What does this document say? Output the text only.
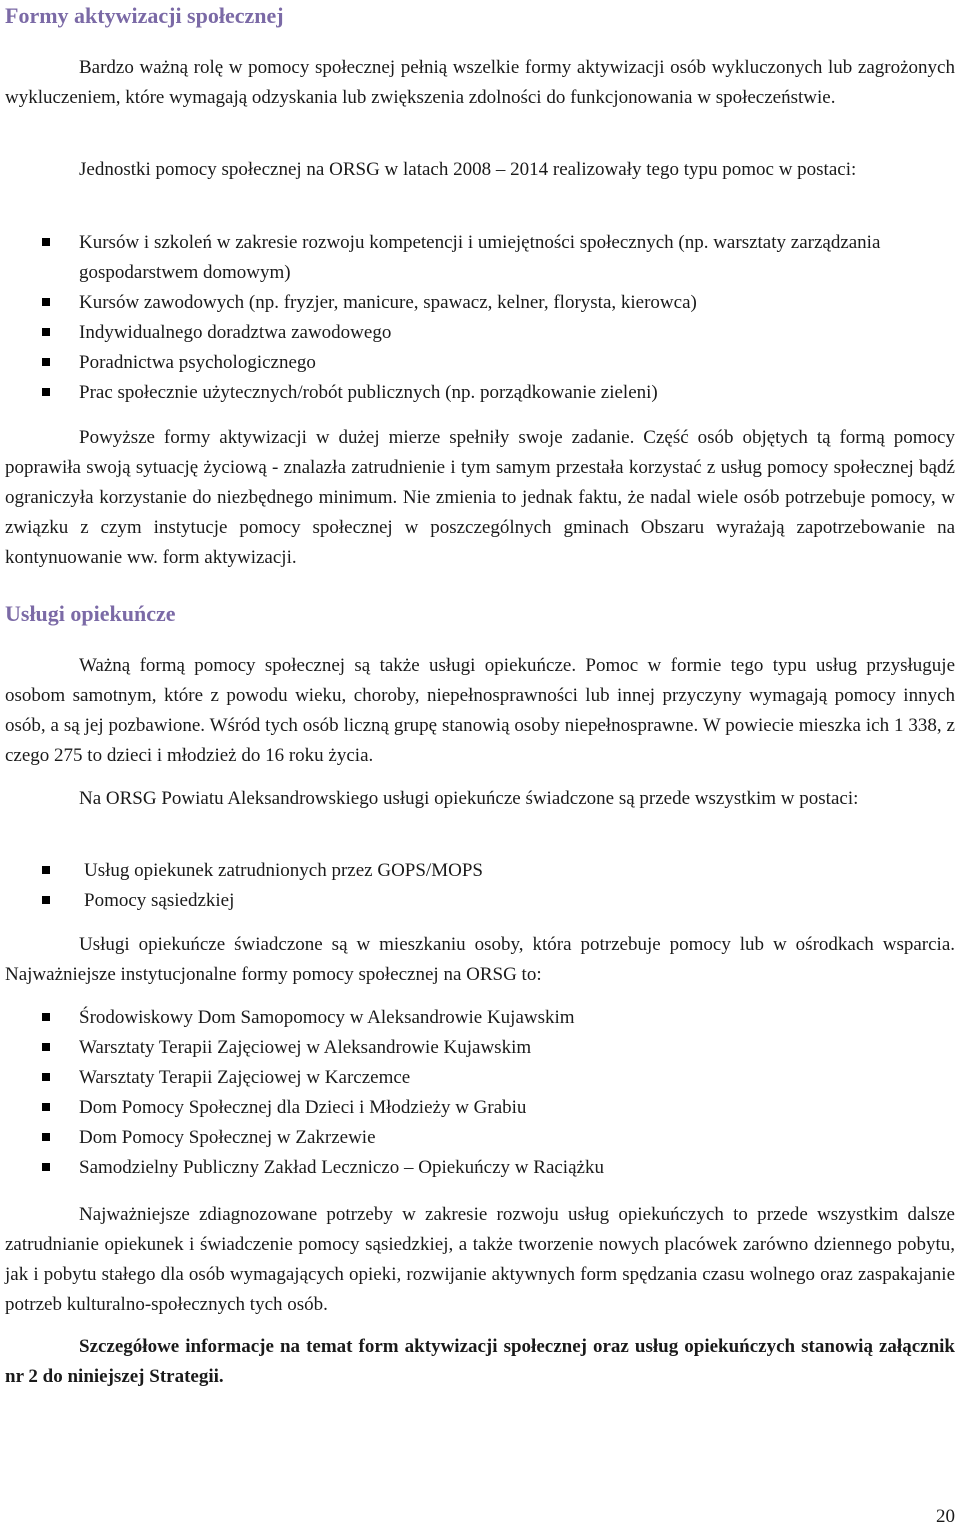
Formy aktywizacji społecznej

Bardzo ważną rolę w pomocy społecznej pełnią wszelkie formy aktywizacji osób wykluczonych lub zagrożonych wykluczeniem, które wymagają odzyskania lub zwiększenia zdolności do funkcjonowania w społeczeństwie.

Jednostki pomocy społecznej na ORSG w latach 2008 – 2014 realizowały tego typu pomoc w postaci:

Kursów i szkoleń w zakresie rozwoju kompetencji i umiejętności społecznych (np. warsztaty zarządzania gospodarstwem domowym)
Kursów zawodowych (np. fryzjer, manicure, spawacz, kelner, florysta, kierowca)
Indywidualnego doradztwa zawodowego
Poradnictwa psychologicznego
Prac społecznie użytecznych/robót publicznych (np. porządkowanie zieleni)

Powyższe formy aktywizacji w dużej mierze spełniły swoje zadanie. Część osób objętych tą formą pomocy poprawiła swoją sytuację życiową - znalazła zatrudnienie i tym samym przestała korzystać z usług pomocy społecznej bądź ograniczyła korzystanie do niezbędnego minimum. Nie zmienia to jednak faktu, że nadal wiele osób potrzebuje pomocy, w związku z czym instytucje pomocy społecznej w poszczególnych gminach Obszaru wyrażają zapotrzebowanie na kontynuowanie ww. form aktywizacji.

Usługi opiekuńcze

Ważną formą pomocy społecznej są także usługi opiekuńcze. Pomoc w formie tego typu usług przysługuje osobom samotnym, które z powodu wieku, choroby, niepełnosprawności lub innej przyczyny wymagają pomocy innych osób, a są jej pozbawione. Wśród tych osób liczną grupę stanowią osoby niepełnosprawne. W powiecie mieszka ich 1 338, z czego 275 to dzieci i młodzież do 16 roku życia.

Na ORSG Powiatu Aleksandrowskiego usługi opiekuńcze świadczone są przede wszystkim w postaci:

Usług opiekunek zatrudnionych przez GOPS/MOPS
Pomocy sąsiedzkiej

Usługi opiekuńcze świadczone są w mieszkaniu osoby, która potrzebuje pomocy lub w ośrodkach wsparcia. Najważniejsze instytucjonalne formy pomocy społecznej na ORSG to:

Środowiskowy Dom Samopomocy w Aleksandrowie Kujawskim
Warsztaty Terapii Zajęciowej w Aleksandrowie Kujawskim
Warsztaty Terapii Zajęciowej w Karczemce
Dom Pomocy Społecznej dla Dzieci i Młodzieży w Grabiu
Dom Pomocy Społecznej w Zakrzewie
Samodzielny Publiczny Zakład Leczniczo – Opiekuńczy w Raciążku

Najważniejsze zdiagnozowane potrzeby w zakresie rozwoju usług opiekuńczych to przede wszystkim dalsze zatrudnianie opiekunek i świadczenie pomocy sąsiedzkiej, a także tworzenie nowych placówek zarówno dziennego pobytu, jak i pobytu stałego dla osób wymagających opieki, rozwijanie aktywnych form spędzania czasu wolnego oraz zaspakajanie potrzeb kulturalno-społecznych tych osób.

Szczegółowe informacje na temat form aktywizacji społecznej oraz usług opiekuńczych stanowią załącznik nr 2 do niniejszej Strategii.

20
